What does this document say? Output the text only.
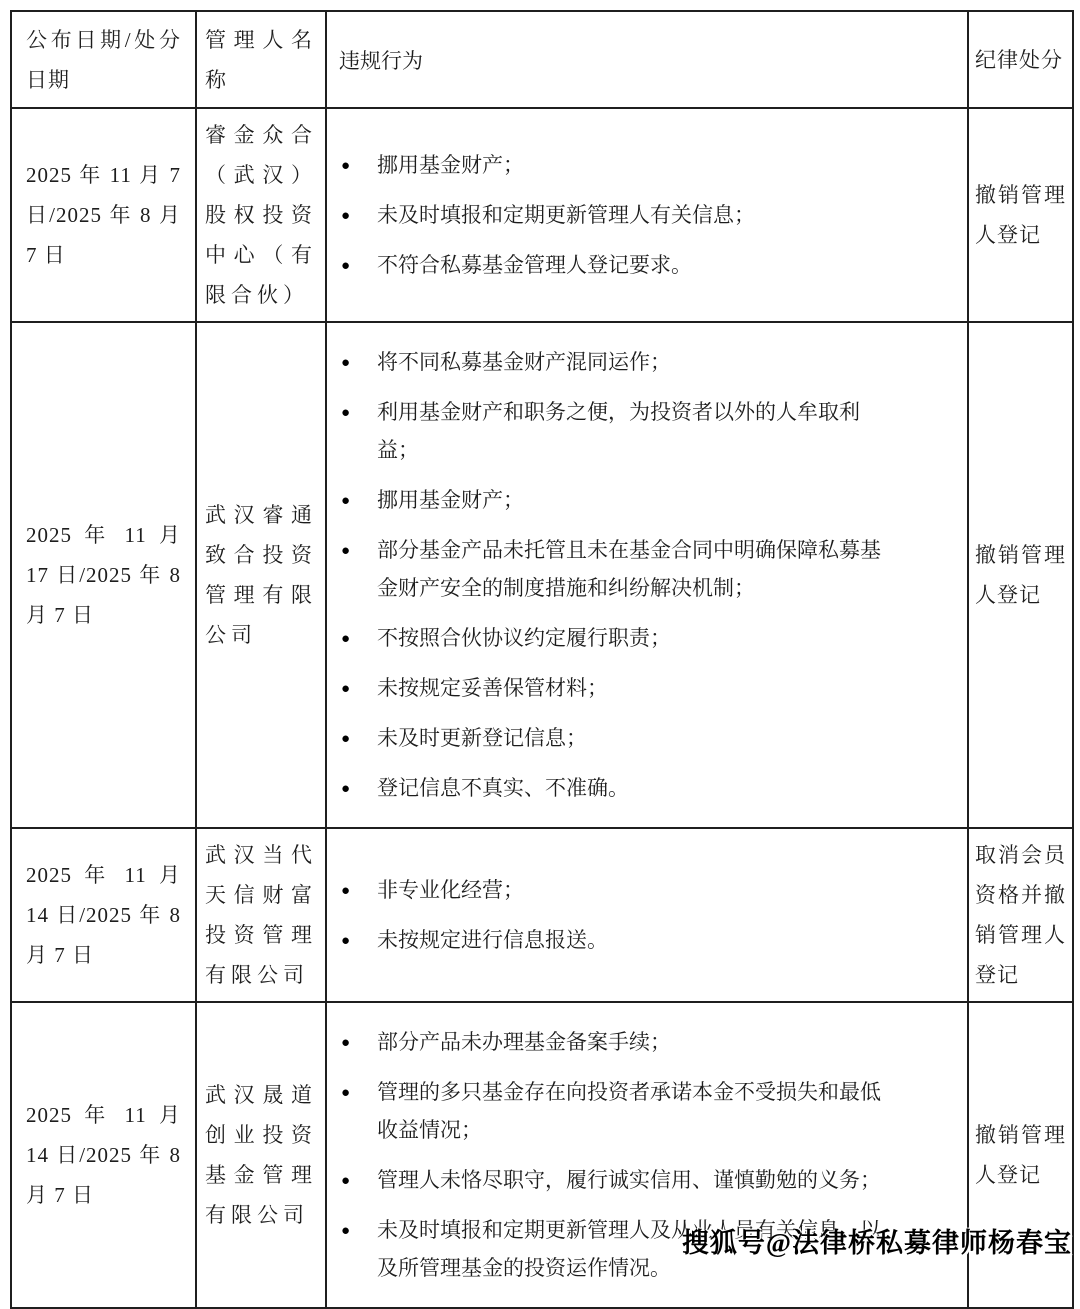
公布日期/处分日期	管理人名称	违规行为	纪律处分
2025 年 11 月 7 日/2025 年 8 月 7 日	睿金众合（武汉）股权投资中心（有限合伙）	
● 挪用基金财产；
● 未及时填报和定期更新管理人有关信息；
● 不符合私募基金管理人登记要求。
	撤销管理人登记
2025 年 11 月 17 日/2025 年 8 月 7 日	武汉睿通致合投资管理有限公司	
● 将不同私募基金财产混同运作；
● 利用基金财产和职务之便，为投资者以外的人牟取利益；
● 挪用基金财产；
● 部分基金产品未托管且未在基金合同中明确保障私募基金财产安全的制度措施和纠纷解决机制；
● 不按照合伙协议约定履行职责；
● 未按规定妥善保管材料；
● 未及时更新登记信息；
● 登记信息不真实、不准确。
	撤销管理人登记
2025 年 11 月 14 日/2025 年 8 月 7 日	武汉当代天信财富投资管理有限公司	
● 非专业化经营；
● 未按规定进行信息报送。
	取消会员资格并撤销管理人登记
2025 年 11 月 14 日/2025 年 8 月 7 日	武汉晟道创业投资基金管理有限公司	
● 部分产品未办理基金备案手续；
● 管理的多只基金存在向投资者承诺本金不受损失和最低收益情况；
● 管理人未恪尽职守，履行诚实信用、谨慎勤勉的义务；
● 未及时填报和定期更新管理人及从业人员有关信息，以及所管理基金的投资运作情况。
	撤销管理人登记
搜狐号@法律桥私募律师杨春宝
